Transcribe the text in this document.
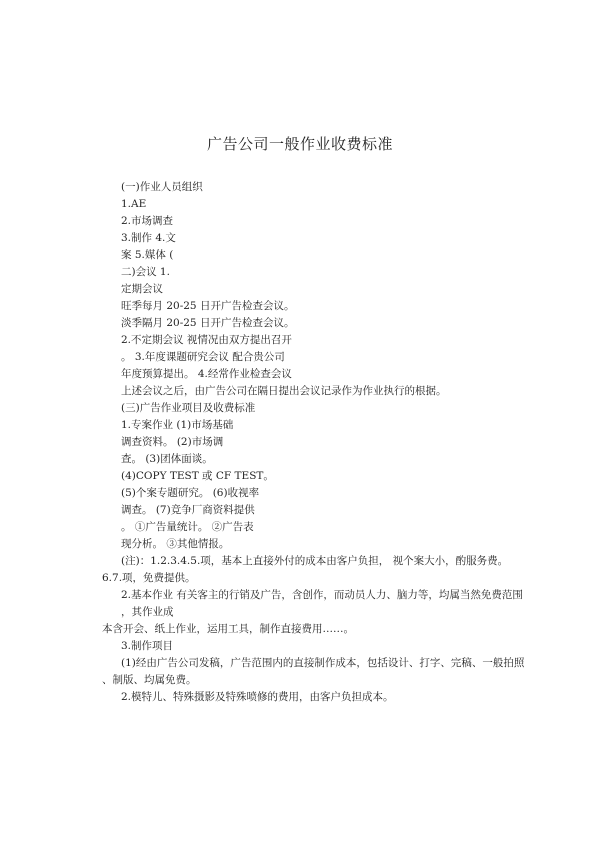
广告公司一般作业收费标准
(一)作业人员组织
1.AE
2.市场调查
3.制作 4.文
案 5.媒体 (
二)会议 1.
定期会议
旺季每月 20-25 日开广告检查会议。
淡季隔月 20-25 日开广告检查会议。
2.不定期会议 视情况由双方提出召开
。 3.年度课题研究会议 配合贵公司
年度预算提出。 4.经常作业检查会议
上述会议之后，由广告公司在隔日提出会议记录作为作业执行的根据。
(三)广告作业项目及收费标准
1.专案作业 (1)市场基础
调查资料。 (2)市场调
查。 (3)团体面谈。
(4)COPY TEST 或 CF TEST。
(5)个案专题研究。 (6)收视率
调查。 (7)竞争厂商资料提供
。 ①广告量统计。 ②广告表
现分析。 ③其他情报。
(注)：1.2.3.4.5.项，基本上直接外付的成本由客户负担， 视个案大小，酌服务费。
6.7.项，免费提供。
2.基本作业 有关客主的行销及广告，含创作，而动员人力、脑力等，均属当然免费范围
，其作业成
本含开会、纸上作业，运用工具，制作直接费用……。
3.制作项目
(1)经由广告公司发稿，广告范围内的直接制作成本，包括设计、打字、完稿、一般拍照
、制版、均属免费。
2.模特儿、特殊摄影及特殊喷修的费用，由客户负担成本。
